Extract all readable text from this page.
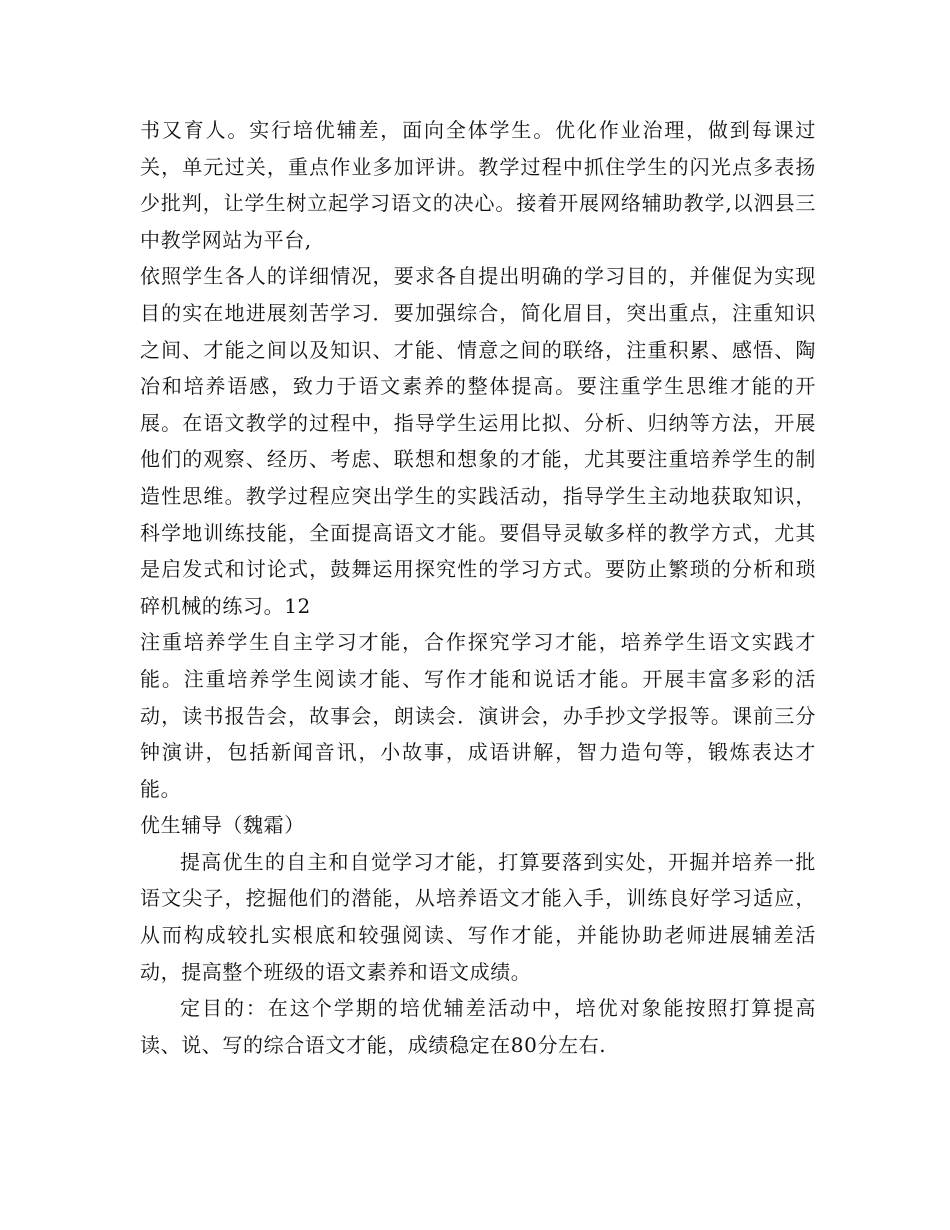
书又育人。实行培优辅差，面向全体学生。优化作业治理，做到每课过关，单元过关，重点作业多加评讲。教学过程中抓住学生的闪光点多表扬少批判，让学生树立起学习语文的决心。接着开展网络辅助教学,以泗县三中教学网站为平台,

依照学生各人的详细情况，要求各自提出明确的学习目的，并催促为实现目的实在地进展刻苦学习．要加强综合，简化眉目，突出重点，注重知识之间、才能之间以及知识、才能、情意之间的联络，注重积累、感悟、陶冶和培养语感，致力于语文素养的整体提高。要注重学生思维才能的开展。在语文教学的过程中，指导学生运用比拟、分析、归纳等方法，开展他们的观察、经历、考虑、联想和想象的才能，尤其要注重培养学生的制造性思维。教学过程应突出学生的实践活动，指导学生主动地获取知识，科学地训练技能，全面提高语文才能。要倡导灵敏多样的教学方式，尤其是启发式和讨论式，鼓舞运用探究性的学习方式。要防止繁琐的分析和琐碎机械的练习。12

注重培养学生自主学习才能，合作探究学习才能，培养学生语文实践才能。注重培养学生阅读才能、写作才能和说话才能。开展丰富多彩的活动，读书报告会，故事会，朗读会．演讲会，办手抄文学报等。课前三分钟演讲，包括新闻音讯，小故事，成语讲解，智力造句等，锻炼表达才能。

优生辅导（魏霜）

提高优生的自主和自觉学习才能，打算要落到实处，开掘并培养一批语文尖子，挖掘他们的潜能，从培养语文才能入手，训练良好学习适应，从而构成较扎实根底和较强阅读、写作才能，并能协助老师进展辅差活动，提高整个班级的语文素养和语文成绩。

定目的：在这个学期的培优辅差活动中，培优对象能按照打算提高读、说、写的综合语文才能，成绩稳定在80分左右.
